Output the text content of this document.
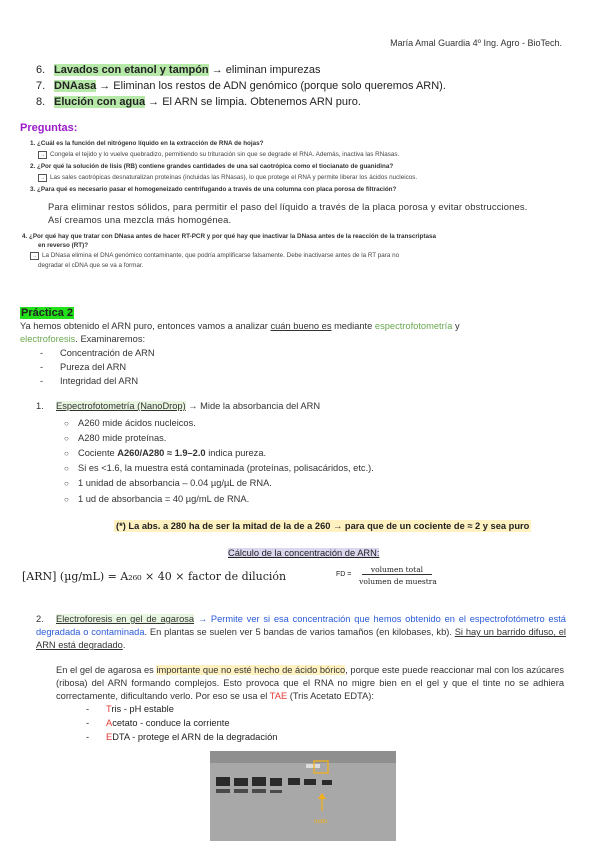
María Amal Guardia 4º Ing. Agro - BioTech.
6. Lavados con etanol y tampón → eliminan impurezas
7. DNAasa → Eliminan los restos de ADN genómico (porque solo queremos ARN).
8. Elución con agua → El ARN se limpia. Obtenemos ARN puro.
Preguntas:
1. ¿Cuál es la función del nitrógeno líquido en la extracción de RNA de hojas?
→ Congela el tejido y lo vuelve quebradizo, permitiendo su trituración sin que se degrade el RNA. Además, inactiva las RNasas.
2. ¿Por qué la solución de lisis (RB) contiene grandes cantidades de una sal caotrópica como el tiocianato de guanidina?
→ Las sales caotrópicas desnaturalizan proteínas (incluidas las RNasas), lo que protege el RNA y permite liberar los ácidos nucleicos.
3. ¿Para qué es necesario pasar el homogeneizado centrifugando a través de una columna con placa porosa de filtración?
Para eliminar restos sólidos, para permitir el paso del líquido a través de la placa porosa y evitar obstrucciones.
Así creamos una mezcla más homogénea.
4. ¿Por qué hay que tratar con DNasa antes de hacer RT-PCR y por qué hay que inactivar la DNasa antes de la reacción de la transcriptasa
en reverso (RT)?
→ La DNasa elimina el DNA genómico contaminante, que podría amplificarse falsamente. Debe inactivarse antes de la RT para no
degradar el cDNA que se va a formar.
Práctica 2
Ya hemos obtenido el ARN puro, entonces vamos a analizar cuán bueno es mediante espectrofotometría y
electroforesis. Examinaremos:
- Concentración de ARN
- Pureza del ARN
- Integridad del ARN
1. Espectrofotometría (NanoDrop) → Mide la absorbancia del ARN
○ A260 mide ácidos nucleicos.
○ A280 mide proteínas.
○ Cociente A260/A280 ≈ 1.9–2.0 indica pureza.
○ Si es <1.6, la muestra está contaminada (proteínas, polisacáridos, etc.).
○ 1 unidad de absorbancia – 0.04 µg/µL de RNA.
○ 1 ud de absorbancia = 40 µg/mL de RNA.
(*) La abs. a 280 ha de ser la mitad de la de a 260 → para que de un cociente de ≈ 2 y sea puro
Cálculo de la concentración de ARN:
[ARN] (µg/mL) = A₂₆₀ × 40 × factor de dilución	FD =
volumen total
volumen de muestra
2. Electroforesis en gel de agarosa → Permite ver si esa concentración que hemos obtenido en el espectrofotómetro está degradada o contaminada. En plantas se suelen ver 5 bandas de varios tamaños (en kilobases, kb). Si hay un barrido difuso, el ARN está degradado.
En el gel de agarosa es importante que no esté hecho de ácido bórico, porque este puede reaccionar mal con los azúcares (ribosa) del ARN formando complejos. Esto provoca que el RNA no migre bien en el gel y que el tinte no se adhiera correctamente, dificultando verlo. Por eso se usa el TAE (Tris Acetato EDTA):
- Tris - pH estable
- Acetato - conduce la corriente
- EDTA - protege el ARN de la degradación
ruido
